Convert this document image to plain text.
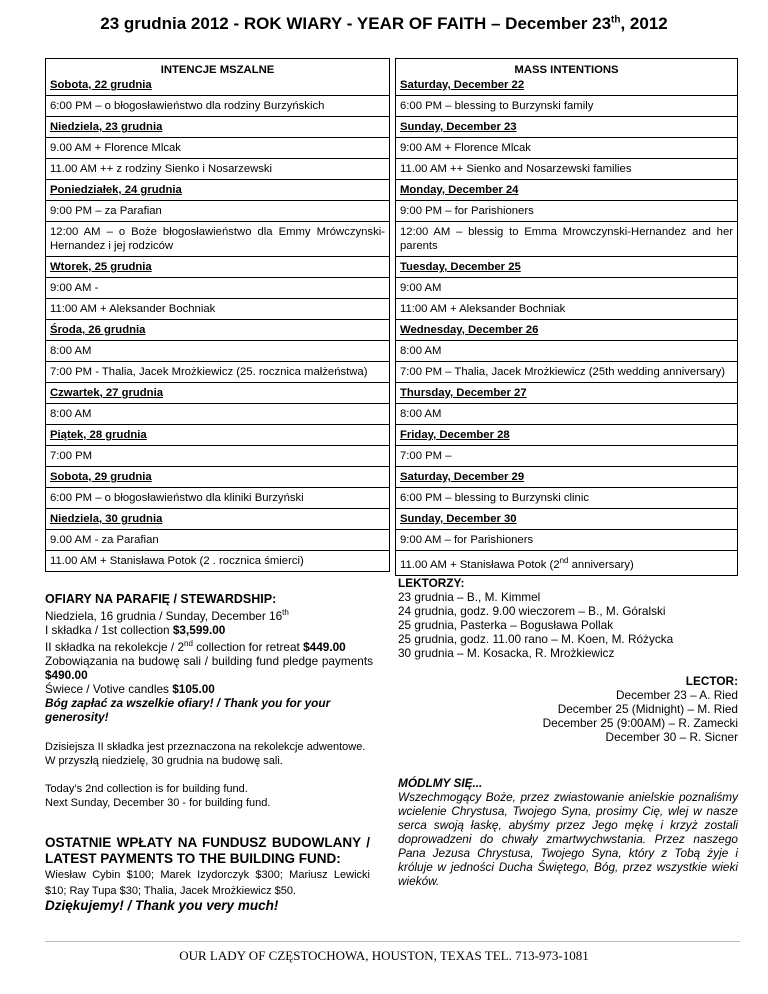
23 grudnia 2012 - ROK WIARY - YEAR OF FAITH – December 23th, 2012
INTENCJE MSZALNE
Sobota, 22 grudnia
6:00 PM – o błogosławieństwo dla rodziny Burzyńskich
Niedziela, 23 grudnia
9.00 AM + Florence Mlcak
11.00 AM ++ z rodziny Sienko i Nosarzewski
Poniedziałek, 24 grudnia
9:00 PM – za Parafian
12:00 AM – o Boże błogosławieństwo dla Emmy Mrówczynski-Hernandez i jej rodziców
Wtorek, 25 grudnia
9:00 AM -
11:00 AM + Aleksander Bochniak
Środa, 26 grudnia
8:00 AM
7:00 PM - Thalia, Jacek Mrożkiewicz (25. rocznica małżeństwa)
Czwartek, 27 grudnia
8:00 AM
Piątek, 28 grudnia
7:00 PM
Sobota, 29 grudnia
6:00 PM – o błogosławieństwo dla kliniki Burzyński
Niedziela, 30 grudnia
9.00 AM - za Parafian
11.00 AM + Stanisława Potok (2 . rocznica śmierci)
MASS INTENTIONS
Saturday, December 22
6:00 PM – blessing to Burzynski family
Sunday, December 23
9:00 AM + Florence Mlcak
11.00 AM ++ Sienko and Nosarzewski families
Monday, December 24
9:00 PM – for Parishioners
12:00 AM – blessig to Emma Mrowczynski-Hernandez and her parents
Tuesday, December 25
9:00 AM
11:00 AM + Aleksander Bochniak
Wednesday, December 26
8:00 AM
7:00 PM – Thalia, Jacek Mrożkiewicz (25th wedding anniversary)
Thursday, December 27
8:00 AM
Friday, December 28
7:00 PM –
Saturday, December 29
6:00 PM – blessing to Burzynski clinic
Sunday, December 30
9:00 AM – for Parishioners
11.00 AM + Stanisława Potok (2nd anniversary)
OFIARY NA PARAFIĘ / STEWARDSHIP:
Niedziela, 16 grudnia / Sunday, December 16th
I składka / 1st collection $3,599.00
II składka na rekolekcje / 2nd collection for retreat $449.00
Zobowiązania na budowę sali / building fund pledge payments $490.00
Świece / Votive candles $105.00
Bóg zapłać za wszelkie ofiary! / Thank you for your generosity!
Dzisiejsza II składka jest przeznaczona na rekolekcje adwentowe.
W przyszłą niedzielę, 30 grudnia na budowę sali.
Today’s 2nd collection is for building fund.
Next Sunday, December 30 - for building fund.
OSTATNIE WPŁATY NA FUNDUSZ BUDOWLANY / LATEST PAYMENTS TO THE BUILDING FUND:
Wiesław Cybin $100; Marek Izydorczyk $300; Mariusz Lewicki $10; Ray Tupa $30; Thalia, Jacek Mrożkiewicz $50.
Dziękujemy! / Thank you very much!
LEKTORZY:
23 grudnia – B., M. Kimmel
24 grudnia, godz. 9.00 wieczorem – B., M. Góralski
25 grudnia, Pasterka – Bogusława Pollak
25 grudnia, godz. 11.00 rano – M. Koen, M. Różycka
30 grudnia – M. Kosacka, R. Mrożkiewicz
LECTOR:
December 23 – A. Ried
December 25 (Midnight) – M. Ried
December 25 (9:00AM) – R. Zamecki
December 30 – R. Sicner
MÓDLMY SIĘ...
Wszechmogący Boże, przez zwiastowanie anielskie poznaliśmy wcielenie Chrystusa, Twojego Syna, prosimy Cię, wlej w nasze serca swoją łaskę, abyśmy przez Jego mękę i krzyż zostali doprowadzeni do chwały zmartwychwstania. Przez naszego Pana Jezusa Chrystusa, Twojego Syna, który z Tobą żyje i króluje w jedności Ducha Świętego, Bóg, przez wszystkie wieki wieków.
OUR LADY OF CZĘSTOCHOWA, HOUSTON, TEXAS TEL. 713-973-1081
